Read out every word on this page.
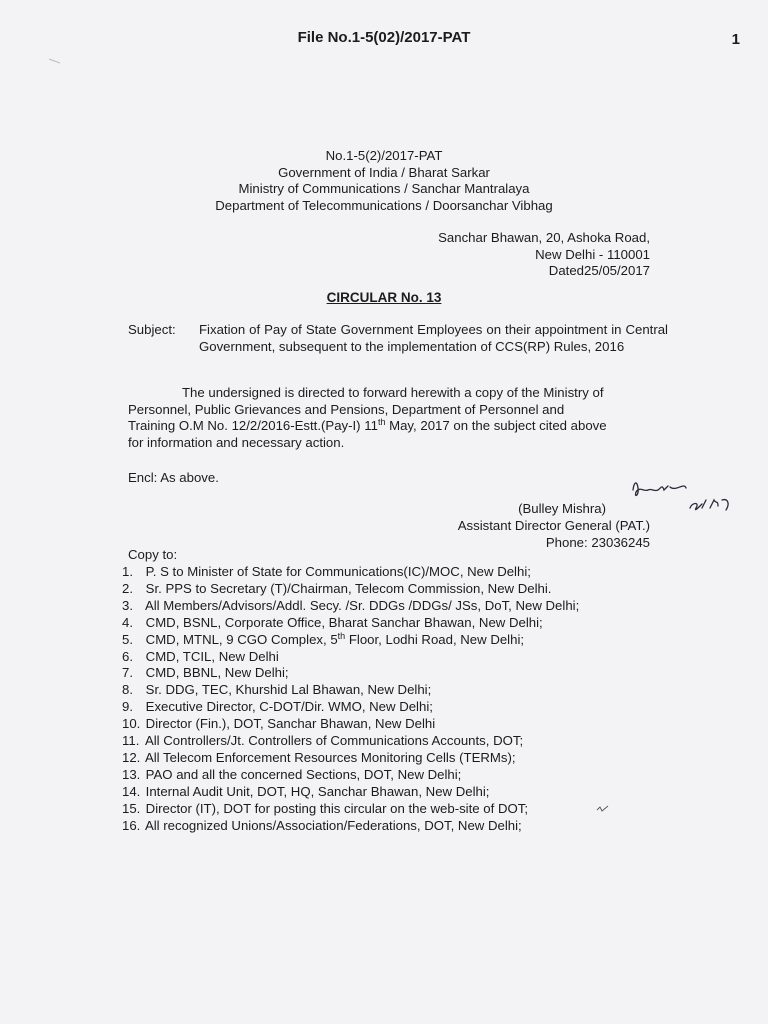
File No.1-5(02)/2017-PAT	1
No.1-5(2)/2017-PAT
Government of India / Bharat Sarkar
Ministry of Communications / Sanchar Mantralaya
Department of Telecommunications / Doorsanchar Vibhag
Sanchar Bhawan, 20, Ashoka Road,
New Delhi - 110001
Dated25/05/2017
CIRCULAR No. 13
Subject: Fixation of Pay of State Government Employees on their appointment in Central Government, subsequent to the implementation of CCS(RP) Rules, 2016
The undersigned is directed to forward herewith a copy of the Ministry of
Personnel, Public Grievances and Pensions, Department of Personnel and
Training O.M No. 12/2/2016-Estt.(Pay-I) 11th May, 2017 on the subject cited above
for information and necessary action.
Encl: As above.
(Bulley Mishra)
Assistant Director General (PAT.)
Phone: 23036245
Copy to:
1. P. S to Minister of State for Communications(IC)/MOC, New Delhi;
2. Sr. PPS to Secretary (T)/Chairman, Telecom Commission, New Delhi.
3. All Members/Advisors/Addl. Secy. /Sr. DDGs /DDGs/ JSs, DoT, New Delhi;
4. CMD, BSNL, Corporate Office, Bharat Sanchar Bhawan, New Delhi;
5. CMD, MTNL, 9 CGO Complex, 5th Floor, Lodhi Road, New Delhi;
6. CMD, TCIL, New Delhi
7. CMD, BBNL, New Delhi;
8. Sr. DDG, TEC, Khurshid Lal Bhawan, New Delhi;
9. Executive Director, C-DOT/Dir. WMO, New Delhi;
10. Director (Fin.), DOT, Sanchar Bhawan, New Delhi
11. All Controllers/Jt. Controllers of Communications Accounts, DOT;
12. All Telecom Enforcement Resources Monitoring Cells (TERMs);
13. PAO and all the concerned Sections, DOT, New Delhi;
14. Internal Audit Unit, DOT, HQ, Sanchar Bhawan, New Delhi;
15. Director (IT), DOT for posting this circular on the web-site of DOT;
16. All recognized Unions/Association/Federations, DOT, New Delhi;
